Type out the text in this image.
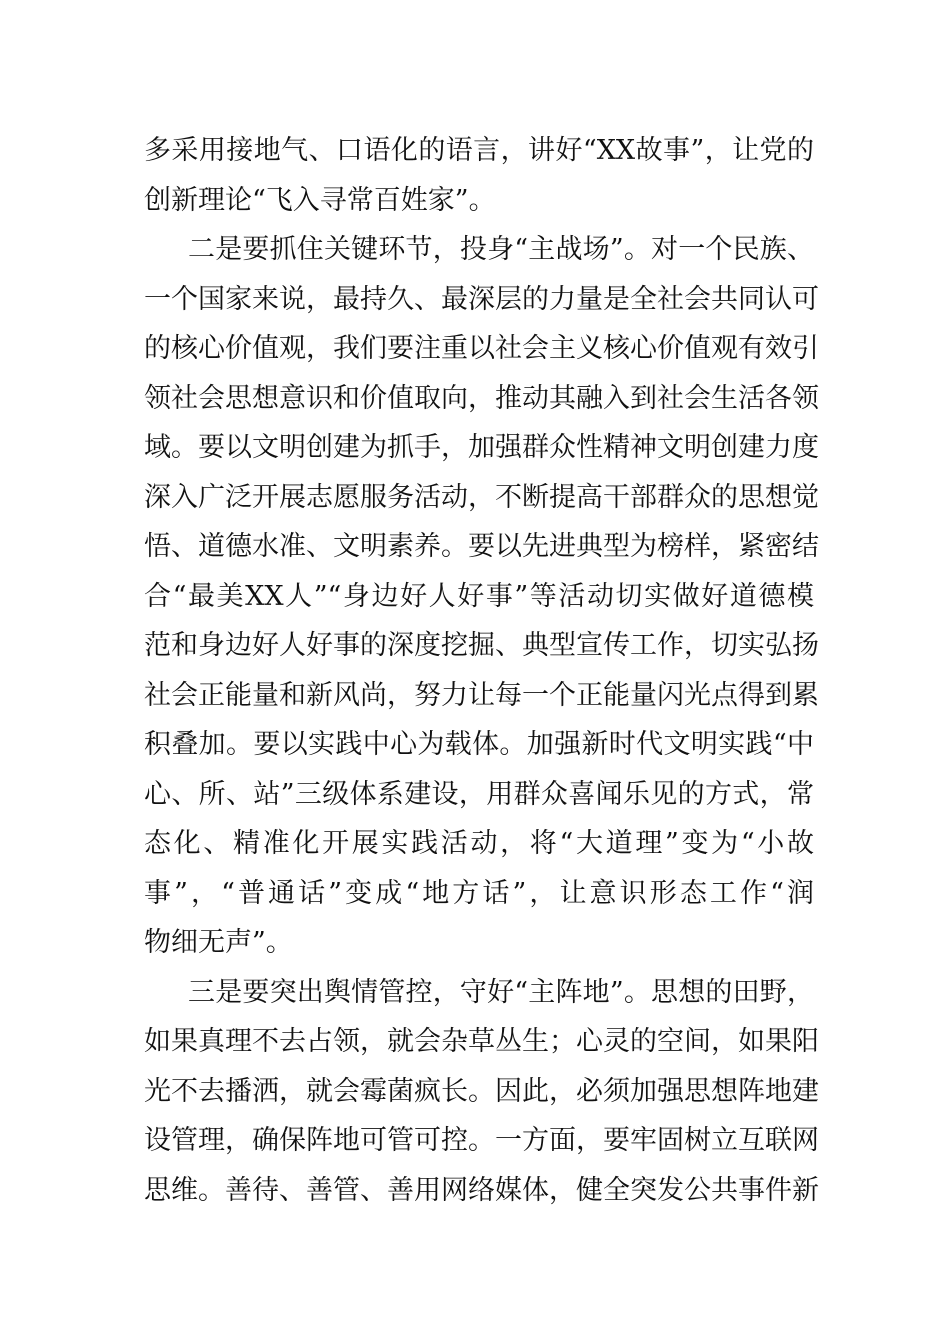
多采用接地气、口语化的语言，讲好“XX故事”，让党的
创新理论“飞入寻常百姓家”。
二是要抓住关键环节，投身“主战场”。对一个民族、
一个国家来说，最持久、最深层的力量是全社会共同认可
的核心价值观，我们要注重以社会主义核心价值观有效引
领社会思想意识和价值取向，推动其融入到社会生活各领
域。要以文明创建为抓手，加强群众性精神文明创建力度
深入广泛开展志愿服务活动，不断提高干部群众的思想觉
悟、道德水准、文明素养。要以先进典型为榜样，紧密结
合“最美XX人”“身边好人好事”等活动切实做好道德模
范和身边好人好事的深度挖掘、典型宣传工作，切实弘扬
社会正能量和新风尚，努力让每一个正能量闪光点得到累
积叠加。要以实践中心为载体。加强新时代文明实践“中
心、所、站”三级体系建设，用群众喜闻乐见的方式，常
态化、精准化开展实践活动，将“大道理”变为“小故
事”，“普通话”变成“地方话”，让意识形态工作“润
物细无声”。
三是要突出舆情管控，守好“主阵地”。思想的田野，
如果真理不去占领，就会杂草丛生；心灵的空间，如果阳
光不去播洒，就会霉菌疯长。因此，必须加强思想阵地建
设管理，确保阵地可管可控。一方面，要牢固树立互联网
思维。善待、善管、善用网络媒体，健全突发公共事件新
